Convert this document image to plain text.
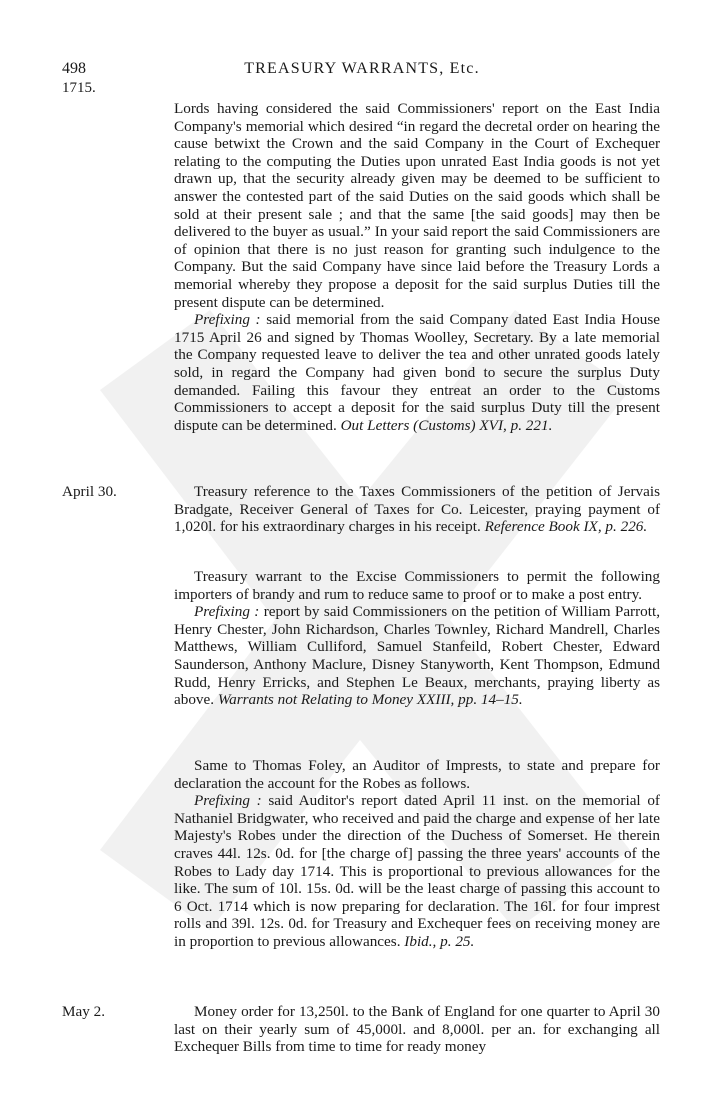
498	TREASURY WARRANTS, Etc.
1715.

Lords having considered the said Commissioners' report on the East India Company's memorial which desired “in regard the decretal order on hearing the cause betwixt the Crown and the said Company in the Court of Exchequer relating to the computing the Duties upon unrated East India goods is not yet drawn up, that the security already given may be deemed to be sufficient to answer the contested part of the said Duties on the said goods which shall be sold at their present sale ; and that the same [the said goods] may then be delivered to the buyer as usual.” In your said report the said Commissioners are of opinion that there is no just reason for granting such indulgence to the Company. But the said Company have since laid before the Treasury Lords a memorial whereby they propose a deposit for the said surplus Duties till the present dispute can be determined.

Prefixing : said memorial from the said Company dated East India House 1715 April 26 and signed by Thomas Woolley, Secretary. By a late memorial the Company requested leave to deliver the tea and other unrated goods lately sold, in regard the Company had given bond to secure the surplus Duty demanded. Failing this favour they entreat an order to the Customs Commissioners to accept a deposit for the said surplus Duty till the present dispute can be determined. Out Letters (Customs) XVI, p. 221.

April 30.	Treasury reference to the Taxes Commissioners of the petition of Jervais Bradgate, Receiver General of Taxes for Co. Leicester, praying payment of 1,020l. for his extraordinary charges in his receipt. Reference Book IX, p. 226.

Treasury warrant to the Excise Commissioners to permit the following importers of brandy and rum to reduce same to proof or to make a post entry.

Prefixing : report by said Commissioners on the petition of William Parrott, Henry Chester, John Richardson, Charles Townley, Richard Mandrell, Charles Matthews, William Culliford, Samuel Stanfeild, Robert Chester, Edward Saunderson, Anthony Maclure, Disney Stanyworth, Kent Thompson, Edmund Rudd, Henry Erricks, and Stephen Le Beaux, merchants, praying liberty as above. Warrants not Relating to Money XXIII, pp. 14–15.

Same to Thomas Foley, an Auditor of Imprests, to state and prepare for declaration the account for the Robes as follows.

Prefixing : said Auditor's report dated April 11 inst. on the memorial of Nathaniel Bridgwater, who received and paid the charge and expense of her late Majesty's Robes under the direction of the Duchess of Somerset. He therein craves 44l. 12s. 0d. for [the charge of] passing the three years' accounts of the Robes to Lady day 1714. This is proportional to previous allowances for the like. The sum of 10l. 15s. 0d. will be the least charge of passing this account to 6 Oct. 1714 which is now preparing for declaration. The 16l. for four imprest rolls and 39l. 12s. 0d. for Treasury and Exchequer fees on receiving money are in proportion to previous allowances. Ibid., p. 25.

May 2.	Money order for 13,250l. to the Bank of England for one quarter to April 30 last on their yearly sum of 45,000l. and 8,000l. per an. for exchanging all Exchequer Bills from time to time for ready money
